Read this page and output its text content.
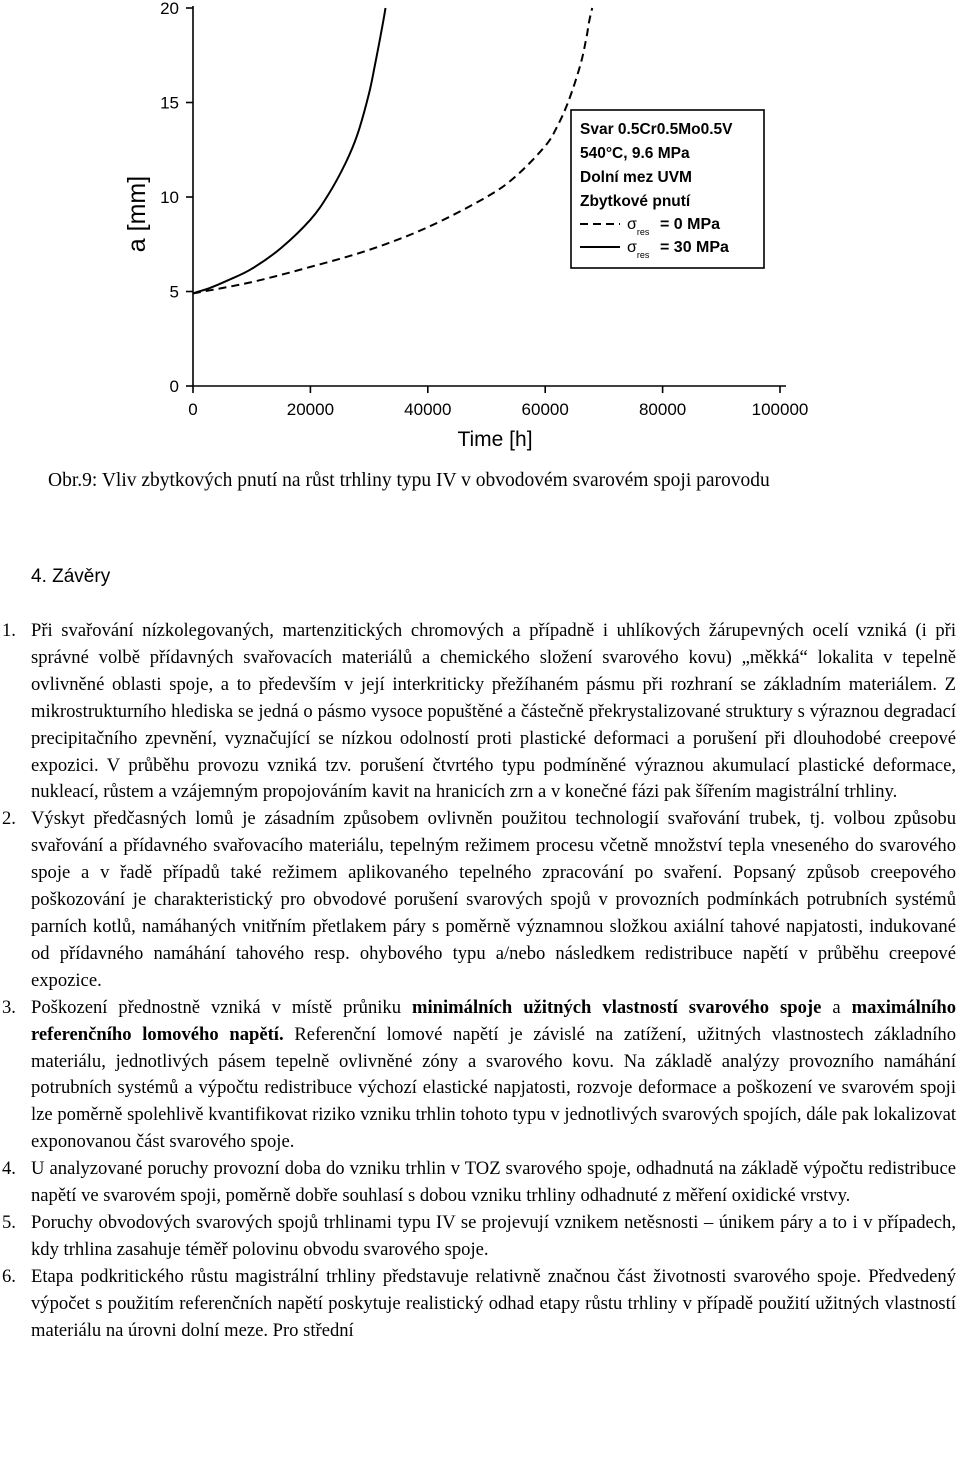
0	20000	40000	60000	80000	100000
0
5
10
15
20
a [mm]
Time [h]
Svar 0.5Cr0.5Mo0.5V
540°C, 9.6 MPa
Dolní mez UVM
Zbytkové pnutí
$\sigma_{res} = 0$ MPa
$\sigma_{res} = 30$ MPa
Obr.9: Vliv zbytkových pnutí na růst trhliny typu IV v obvodovém svarovém spoji parovodu
4. Závěry
1. Při svařování nízkolegovaných, martenzitických chromových a případně i uhlíkových žárupevných ocelí vzniká (i při správné volbě přídavných svařovacích materiálů a chemického složení svarového kovu) „měkká“ lokalita v tepelně ovlivněné oblasti spoje, a to především v její interkriticky přežíhaném pásmu při rozhraní se základním materiálem. Z mikrostrukturního hlediska se jedná o pásmo vysoce popuštěné a částečně překrystalizované struktury s výraznou degradací precipitačního zpevnění, vyznačující se nízkou odolností proti plastické deformaci a porušení při dlouhodobé creepové expozici. V průběhu provozu vzniká tzv. porušení čtvrtého typu podmíněné výraznou akumulací plastické deformace, nukleací, růstem a vzájemným propojováním kavit na hranicích zrn a v konečné fázi pak šířením magistrální trhliny.
2. Výskyt předčasných lomů je zásadním způsobem ovlivněn použitou technologií svařování trubek, tj. volbou způsobu svařování a přídavného svařovacího materiálu, tepelným režimem procesu včetně množství tepla vneseného do svarového spoje a v řadě případů také režimem aplikovaného tepelného zpracování po svaření. Popsaný způsob creepového poškozování je charakteristický pro obvodové porušení svarových spojů v provozních podmínkách potrubních systémů parních kotlů, namáhaných vnitřním přetlakem páry s poměrně významnou složkou axiální tahové napjatosti, indukované od přídavného namáhání tahového resp. ohybového typu a/nebo následkem redistribuce napětí v průběhu creepové expozice.
3. Poškození přednostně vzniká v místě průniku minimálních užitných vlastností svarového spoje a maximálního referenčního lomového napětí. Referenční lomové napětí je závislé na zatížení, užitných vlastnostech základního materiálu, jednotlivých pásem tepelně ovlivněné zóny a svarového kovu. Na základě analýzy provozního namáhání potrubních systémů a výpočtu redistribuce výchozí elastické napjatosti, rozvoje deformace a poškození ve svarovém spoji lze poměrně spolehlivě kvantifikovat riziko vzniku trhlin tohoto typu v jednotlivých svarových spojích, dále pak lokalizovat exponovanou část svarového spoje.
4. U analyzované poruchy provozní doba do vzniku trhlin v TOZ svarového spoje, odhadnutá na základě výpočtu redistribuce napětí ve svarovém spoji, poměrně dobře souhlasí s dobou vzniku trhliny odhadnuté z měření oxidické vrstvy.
5. Poruchy obvodových svarových spojů trhlinami typu IV se projevují vznikem netěsnosti – únikem páry a to i v případech, kdy trhlina zasahuje téměř polovinu obvodu svarového spoje.
6. Etapa podkritického růstu magistrální trhliny představuje relativně značnou část životnosti svarového spoje. Předvedený výpočet s použitím referenčních napětí poskytuje realistický odhad etapy růstu trhliny v případě použití užitných vlastností materiálu na úrovni dolní meze. Pro střední
